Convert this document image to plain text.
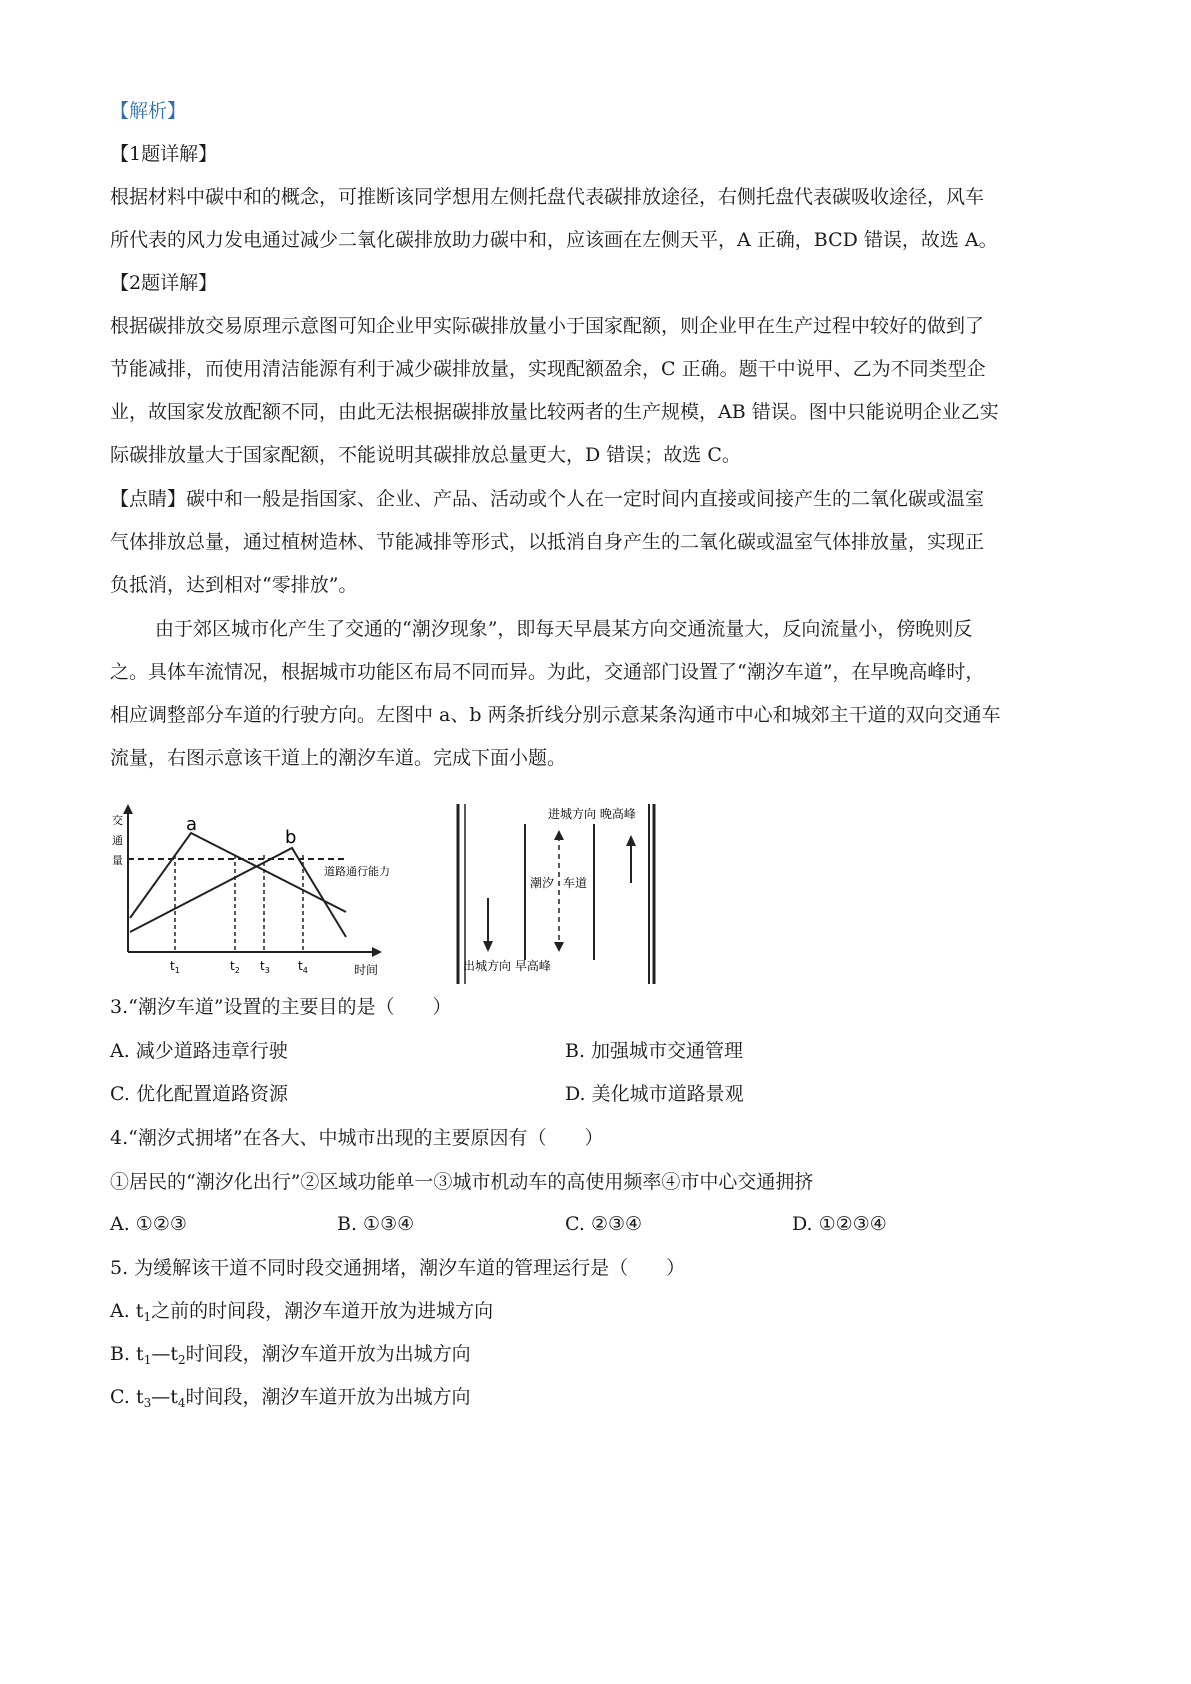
【解析】
【1题详解】
根据材料中碳中和的概念，可推断该同学想用左侧托盘代表碳排放途径，右侧托盘代表碳吸收途径，风车
所代表的风力发电通过减少二氧化碳排放助力碳中和，应该画在左侧天平，A 正确，BCD 错误，故选 A。
【2题详解】
根据碳排放交易原理示意图可知企业甲实际碳排放量小于国家配额，则企业甲在生产过程中较好的做到了
节能减排，而使用清洁能源有利于减少碳排放量，实现配额盈余，C 正确。题干中说甲、乙为不同类型企
业，故国家发放配额不同，由此无法根据碳排放量比较两者的生产规模，AB 错误。图中只能说明企业乙实
际碳排放量大于国家配额，不能说明其碳排放总量更大，D 错误；故选 C。
【点睛】碳中和一般是指国家、企业、产品、活动或个人在一定时间内直接或间接产生的二氧化碳或温室
气体排放总量，通过植树造林、节能减排等形式，以抵消自身产生的二氧化碳或温室气体排放量，实现正
负抵消，达到相对“零排放”。
由于郊区城市化产生了交通的“潮汐现象”，即每天早晨某方向交通流量大，反向流量小，傍晚则反
之。具体车流情况，根据城市功能区布局不同而异。为此，交通部门设置了“潮汐车道”，在早晚高峰时，
相应调整部分车道的行驶方向。左图中 a、b 两条折线分别示意某条沟通市中心和城郊主干道的双向交通车
流量，右图示意该干道上的潮汐车道。完成下面小题。
交
通
量
a
b
道路通行能力
$t_1$	$t_2$ $t_3$ $t_4$	时间
进城方向 晚高峰
潮汐 车道
出城方向 早高峰
3.“潮汐车道”设置的主要目的是（　　）
A. 减少道路违章行驶	B. 加强城市交通管理
C. 优化配置道路资源	D. 美化城市道路景观
4.“潮汐式拥堵”在各大、中城市出现的主要原因有（　　）
①居民的“潮汐化出行”②区域功能单一③城市机动车的高使用频率④市中心交通拥挤
A. ①②③	B. ①③④	C. ②③④	D. ①②③④
5. 为缓解该干道不同时段交通拥堵，潮汐车道的管理运行是（　　）
A. $t_1$之前的时间段，潮汐车道开放为进城方向
B. $t_1—t_2$时间段，潮汐车道开放为出城方向
C. $t_3—t_4$时间段，潮汐车道开放为出城方向
